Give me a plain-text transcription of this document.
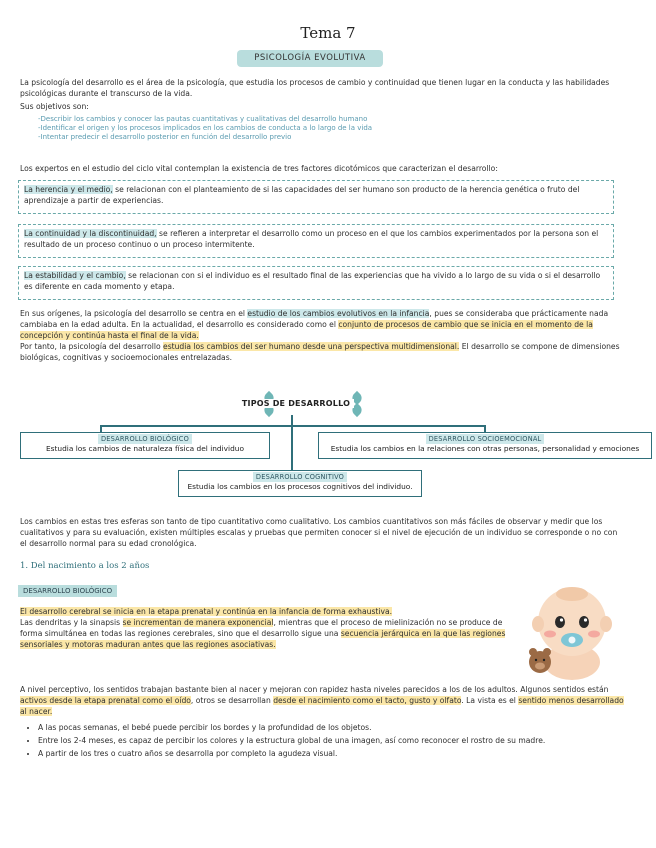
Tema 7
PSICOLOGÍA EVOLUTIVA
La psicología del desarrollo es el área de la psicología, que estudia los procesos de cambio y continuidad que tienen lugar en la conducta y las habilidades psicológicas durante el transcurso de la vida.
Sus objetivos son:
-Describir los cambios y conocer las pautas cuantitativas y cualitativas del desarrollo humano
-Identificar el origen y los procesos implicados en los cambios de conducta a lo largo de la vida
-Intentar predecir el desarrollo posterior en función del desarrollo previo
Los expertos en el estudio del ciclo vital contemplan la existencia de tres factores dicotómicos que caracterizan el desarrollo:
La herencia y el medio, se relacionan con el planteamiento de si las capacidades del ser humano son producto de la herencia genética o fruto del aprendizaje a partir de experiencias.
La continuidad y la discontinuidad, se refieren a interpretar el desarrollo como un proceso en el que los cambios experimentados por la persona son el resultado de un proceso continuo o un proceso intermitente.
La estabilidad y el cambio, se relacionan con si el individuo es el resultado final de las experiencias que ha vivido a lo largo de su vida o si el desarrollo es diferente en cada momento y etapa.
En sus orígenes, la psicología del desarrollo se centra en el estudio de los cambios evolutivos en la infancia, pues se consideraba que prácticamente nada cambiaba en la edad adulta. En la actualidad, el desarrollo es considerado como el conjunto de procesos de cambio que se inicia en el momento de la concepción y continúa hasta el final de la vida.
Por tanto, la psicología del desarrollo estudia los cambios del ser humano desde una perspectiva multidimensional. El desarrollo se compone de dimensiones biológicas, cognitivas y socioemocionales entrelazadas.
TIPOS DE DESARROLLO
DESARROLLO BIOLÓGICO
Estudia los cambios de naturaleza física del individuo
DESARROLLO SOCIOEMOCIONAL
Estudia los cambios en la relaciones con otras personas, personalidad y emociones
DESARROLLO COGNITIVO
Estudia los cambios en los procesos cognitivos del individuo.
Los cambios en estas tres esferas son tanto de tipo cuantitativo como cualitativo. Los cambios cuantitativos son más fáciles de observar y medir que los cualitativos y para su evaluación, existen múltiples escalas y pruebas que permiten conocer si el nivel de ejecución de un individuo se corresponde o no con el desarrollo normal para su edad cronológica.
1. Del nacimiento a los 2 años
DESARROLLO BIOLÓGICO
El desarrollo cerebral se inicia en la etapa prenatal y continúa en la infancia de forma exhaustiva.
Las dendritas y la sinapsis se incrementan de manera exponencial, mientras que el proceso de mielinización no se produce de forma simultánea en todas las regiones cerebrales, sino que el desarrollo sigue una secuencia jerárquica en la que las regiones sensoriales y motoras maduran antes que las regiones asociativas.
A nivel perceptivo, los sentidos trabajan bastante bien al nacer y mejoran con rapidez hasta niveles parecidos a los de los adultos. Algunos sentidos están activos desde la etapa prenatal como el oído, otros se desarrollan desde el nacimiento como el tacto, gusto y olfato. La vista es el sentido menos desarrollado al nacer.
• A las pocas semanas, el bebé puede percibir los bordes y la profundidad de los objetos.
• Entre los 2-4 meses, es capaz de percibir los colores y la estructura global de una imagen, así como reconocer el rostro de su madre.
• A partir de los tres o cuatro años se desarrolla por completo la agudeza visual.
